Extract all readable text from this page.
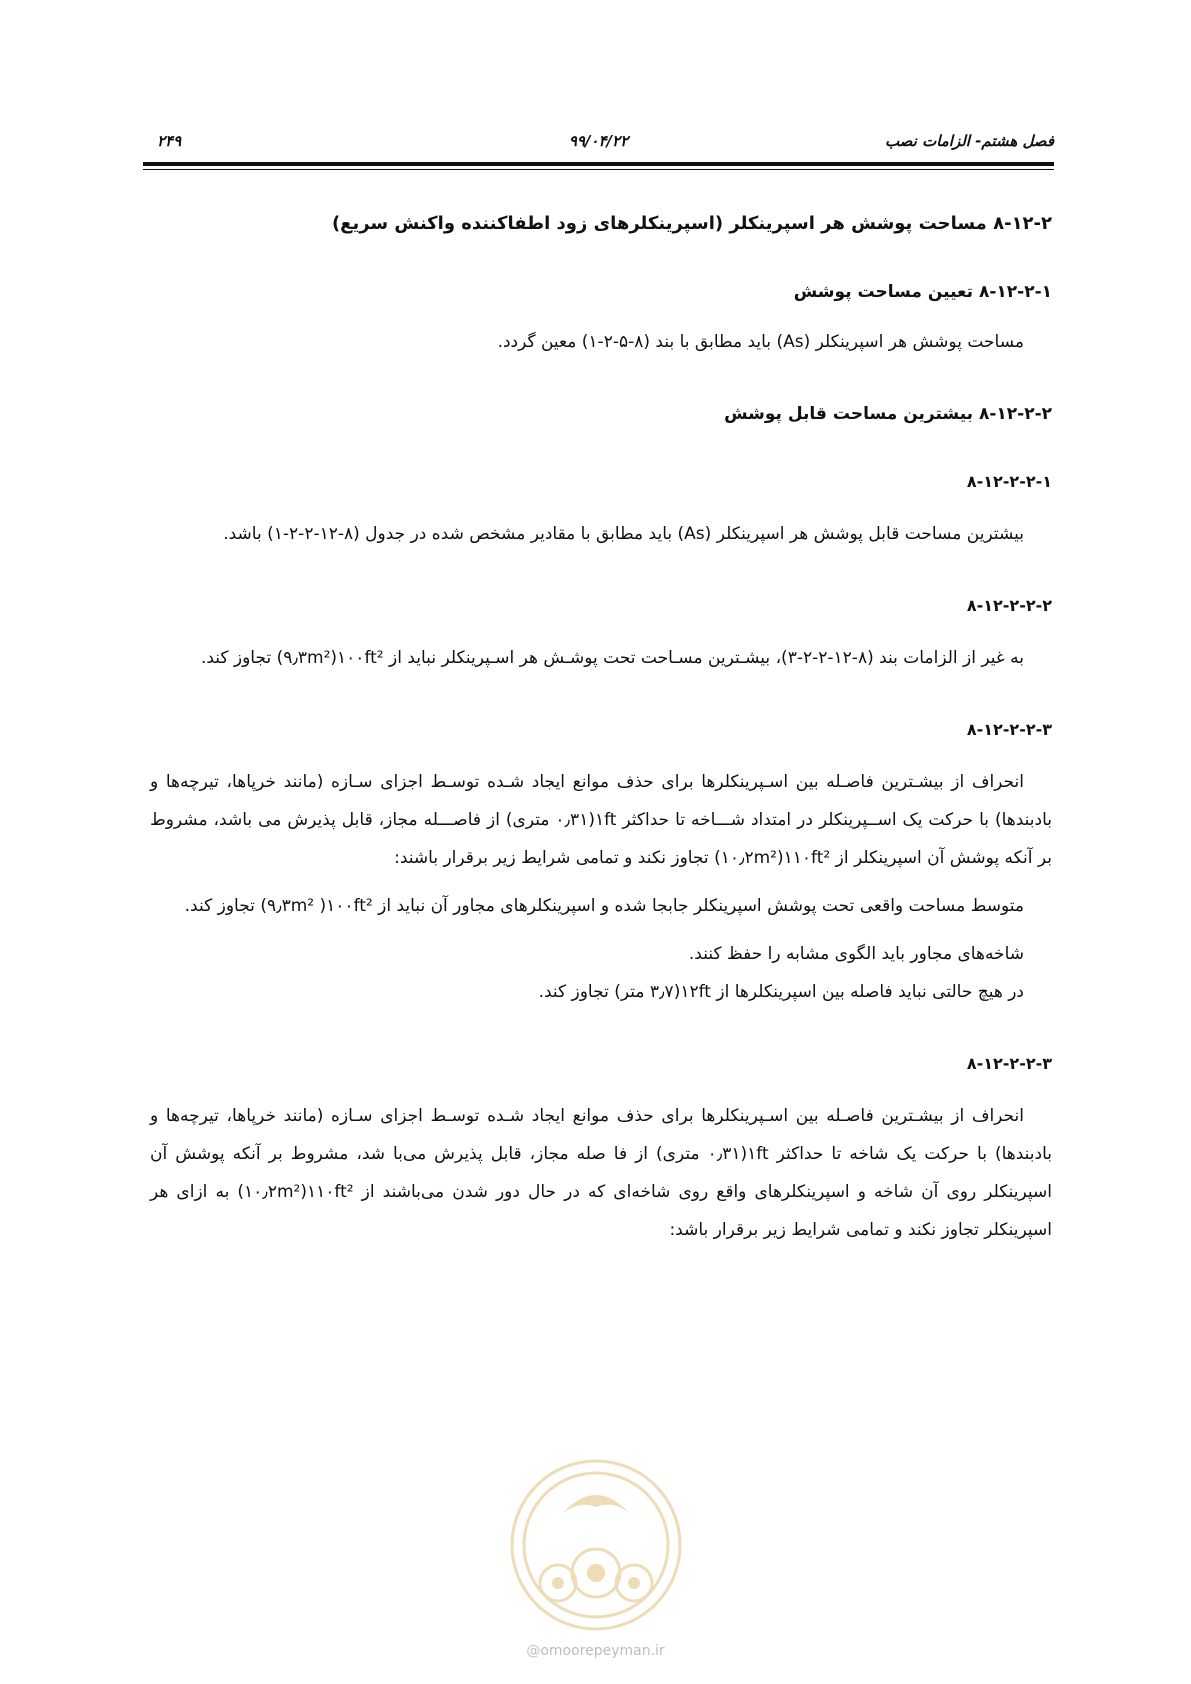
فصل هشتم- الزامات نصب
۹۹/۰۴/۲۲
۲۴۹

۸-۱۲-۲ مساحت پوشش هر اسپرینکلر (اسپرینکلرهای زود اطفاکننده واکنش سریع)

۸-۱۲-۲-۱ تعیین مساحت پوشش

مساحت پوشش هر اسپرینکلر (As) باید مطابق با بند (۸-۵-۲-۱) معین گردد.

۸-۱۲-۲-۲ بیشترین مساحت قابل پوشش

۸-۱۲-۲-۲-۱

بیشترین مساحت قابل پوشش هر اسپرینکلر (As) باید مطابق با مقادیر مشخص شده در جدول (۸-۱۲-۲-۲-۱) باشد.

۸-۱۲-۲-۲-۲

به غیر از الزامات بند (۸-۱۲-۲-۲-۳)، بیشـترین مسـاحت تحت پوشـش هر اسـپرینکلر نباید از ۱۰۰ft²(۹٫۳m²) تجاوز کند.

۸-۱۲-۲-۲-۳

انحراف از بیشـترین فاصـله بین اسـپرینکلرها برای حذف موانع ایجاد شـده توسـط اجزای سـازه (مانند خرپاها، تیرچه‌ها و بادبندها) با حرکت یک اســپرینکلر در امتداد شـــاخه تا حداکثر ۱ft(۰٫۳۱ متری) از فاصـــله مجاز، قابل پذیرش می باشد، مشروط بر آنکه پوشش آن اسپرینکلر از ۱۱۰ft²(۱۰٫۲m²) تجاوز نکند و تمامی شرایط زیر برقرار باشند:

متوسط مساحت واقعی تحت پوشش اسپرینکلر جابجا شده و اسپرینکلرهای مجاور آن نباید از ۱۰۰ft²( ۹٫۳m²) تجاوز کند.

شاخه‌های مجاور باید الگوی مشابه را حفظ کنند.

در هیچ حالتی نباید فاصله بین اسپرینکلرها از ۱۲ft(۳٫۷ متر) تجاوز کند.

۸-۱۲-۲-۲-۳

انحراف از بیشـترین فاصـله بین اسـپرینکلرها برای حذف موانع ایجاد شـده توسـط اجزای سـازه (مانند خرپاها، تیرچه‌ها و بادبندها) با حرکت یک شاخه تا حداکثر ۱ft(۰٫۳۱ متری) از فا صله مجاز، قابل پذیرش می‌با شد، مشروط بر آنکه پوشش آن اسپرینکلر روی آن شاخه و اسپرینکلرهای واقع روی شاخه‌ای که در حال دور شدن می‌باشند از ۱۱۰ft²(۱۰٫۲m²) به ازای هر اسپرینکلر تجاوز نکند و تمامی شرایط زیر برقرار باشد:

@omoorepeyman.ir
